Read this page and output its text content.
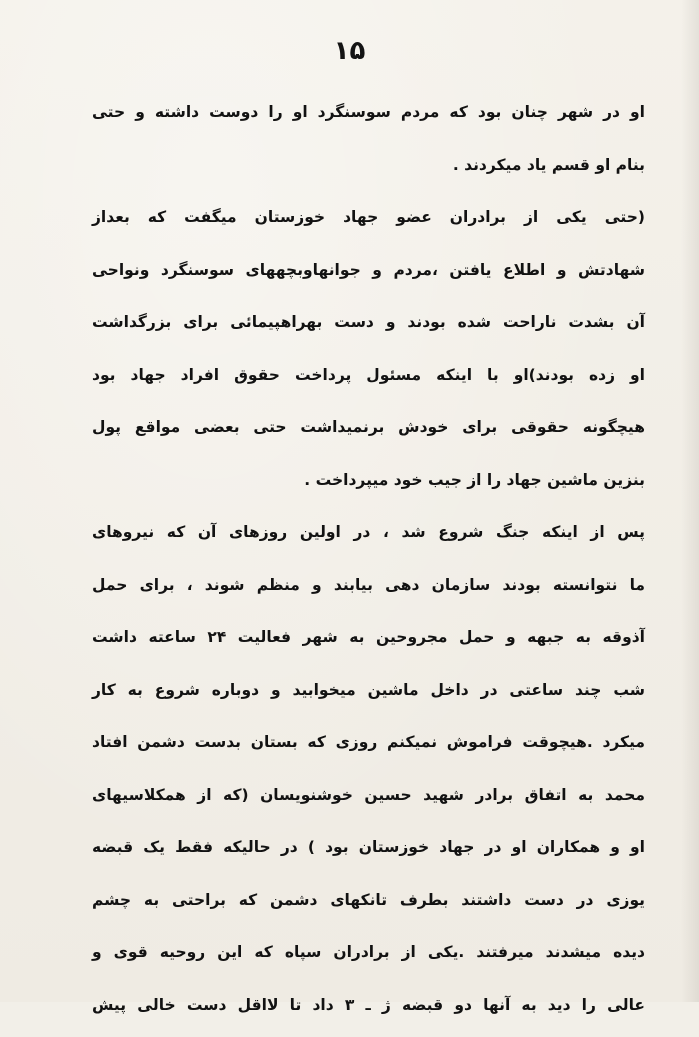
۱۵
او در شهر چنان بود که مردم سوسنگرد او را دوست داشته و حتی
بنام او قسم یاد میکردند .
(حتی یکی از برادران عضو جهاد خوزستان میگفت که بعداز
شهادتش و اطلاع یافتن ،مردم و جوانهاوبچههای سوسنگرد ونواحی
آن بشدت ناراحت شده بودند و دست بهراهپیمائی برای بزرگداشت
او زده بودند)او با اینکه مسئول پرداخت حقوق افراد جهاد بود
هیچگونه حقوقی برای خودش برنمیداشت حتی بعضی مواقع پول
بنزین ماشین جهاد را از جیب خود میپرداخت .
پس از اینکه جنگ شروع شد ، در اولین روزهای آن که نیروهای
ما نتوانسته بودند سازمان دهی بیابند و منظم شوند ، برای حمل
آذوقه به جبهه و حمل مجروحین به شهر فعالیت ۲۴ ساعته داشت
شب چند ساعتی در داخل ماشین میخوابید و دوباره شروع به کار
میکرد .هیچوقت فراموش نمیکنم روزی که بستان بدست دشمن افتاد
محمد به اتفاق برادر شهید حسین خوشنویسان (که از همکلاسیهای
او و همکاران او در جهاد خوزستان بود ) در حالیکه فقط یک قبضه
یوزی در دست داشتند بطرف تانکهای دشمن که براحتی به چشم
دیده میشدند میرفتند .یکی از برادران سپاه که این روحیه قوی و
عالی را دید به آنها دو قبضه ژ ـ ۳ داد تا لااقل دست خالی پیش
